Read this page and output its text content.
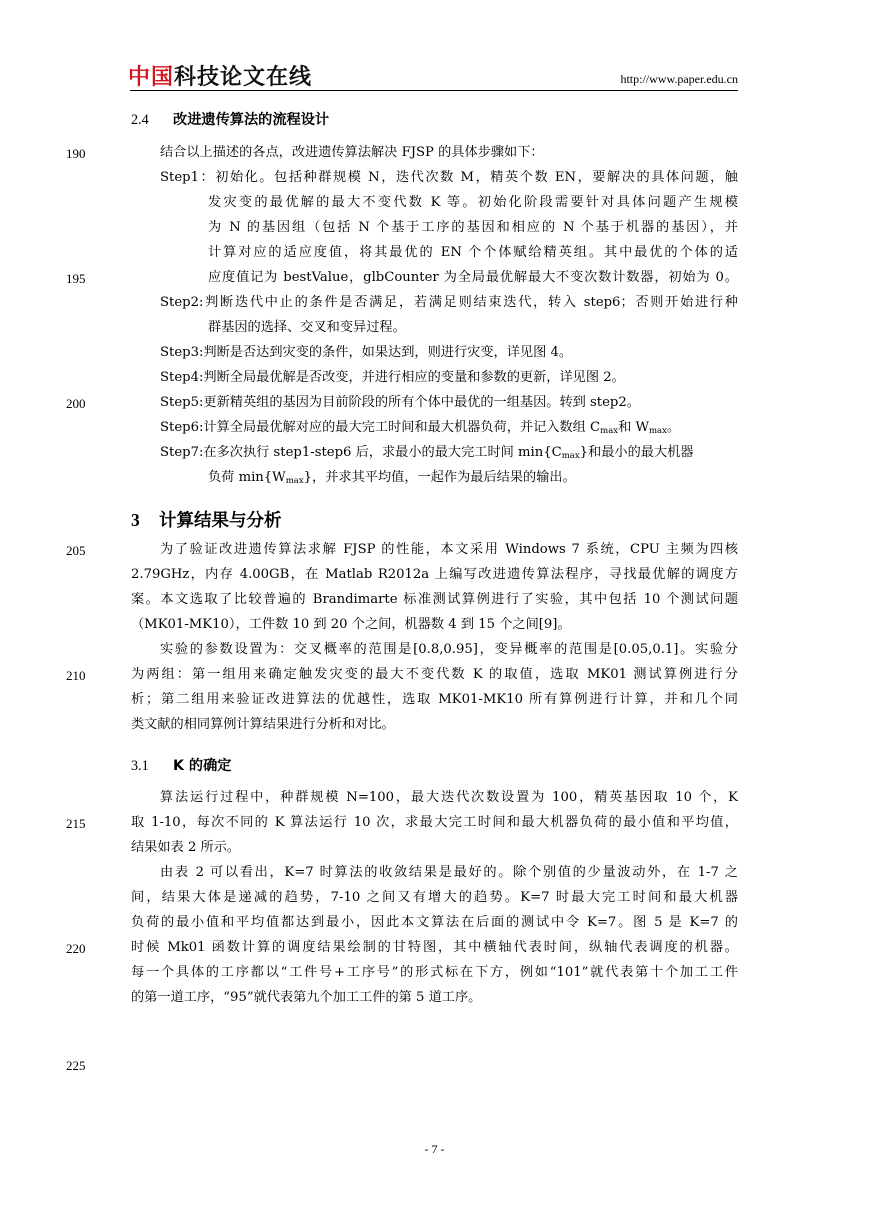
中国科技论文在线	http://www.paper.edu.cn
190
195
200
205
210
215
220
225
2.4 改进遗传算法的流程设计
结合以上描述的各点，改进遗传算法解决 FJSP 的具体步骤如下：
Step1：初始化。包括种群规模 N，迭代次数 M，精英个数 EN，要解决的具体问题，触
发灾变的最优解的最大不变代数 K 等。初始化阶段需要针对具体问题产生规模
为 N 的基因组（包括 N 个基于工序的基因和相应的 N 个基于机器的基因），并
计算对应的适应度值，将其最优的 EN 个个体赋给精英组。其中最优的个体的适
应度值记为 bestValue，glbCounter 为全局最优解最大不变次数计数器，初始为 0。
Step2:判断迭代中止的条件是否满足，若满足则结束迭代，转入 step6；否则开始进行种
群基因的选择、交叉和变异过程。
Step3:判断是否达到灾变的条件，如果达到，则进行灾变，详见图 4。
Step4:判断全局最优解是否改变，并进行相应的变量和参数的更新，详见图 2。
Step5:更新精英组的基因为目前阶段的所有个体中最优的一组基因。转到 step2。
Step6:计算全局最优解对应的最大完工时间和最大机器负荷，并记入数组 $C_{max}$和 $W_{max}$。
Step7:在多次执行 step1-step6 后，求最小的最大完工时间 $\min\{C_{max}\}$和最小的最大机器
负荷 $\min\{W_{max}\}$，并求其平均值，一起作为最后结果的输出。
3 计算结果与分析
为了验证改进遗传算法求解 FJSP 的性能，本文采用 Windows 7 系统，CPU 主频为四核
2.79GHz，内存 4.00GB，在 Matlab R2012a 上编写改进遗传算法程序，寻找最优解的调度方
案。本文选取了比较普遍的 Brandimarte 标准测试算例进行了实验，其中包括 10 个测试问题
（MK01-MK10），工件数 10 到 20 个之间，机器数 4 到 15 个之间[9]。
实验的参数设置为：交叉概率的范围是[0.8,0.95]，变异概率的范围是[0.05,0.1]。实验分
为两组：第一组用来确定触发灾变的最大不变代数 K 的取值，选取 MK01 测试算例进行分
析；第二组用来验证改进算法的优越性，选取 MK01-MK10 所有算例进行计算，并和几个同
类文献的相同算例计算结果进行分析和对比。
3.1 K 的确定
算法运行过程中，种群规模 N=100，最大迭代次数设置为 100，精英基因取 10 个，K
取 1-10，每次不同的 K 算法运行 10 次，求最大完工时间和最大机器负荷的最小值和平均值，
结果如表 2 所示。
由表 2 可以看出，K=7 时算法的收敛结果是最好的。除个别值的少量波动外，在 1-7 之
间，结果大体是递减的趋势，7-10 之间又有增大的趋势。K=7 时最大完工时间和最大机器
负荷的最小值和平均值都达到最小，因此本文算法在后面的测试中令 K=7。图 5 是 K=7 的
时候 Mk01 函数计算的调度结果绘制的甘特图，其中横轴代表时间，纵轴代表调度的机器。
每一个具体的工序都以“工件号+工序号”的形式标在下方，例如“101”就代表第十个加工工件
的第一道工序，“95”就代表第九个加工工件的第 5 道工序。
- 7 -
